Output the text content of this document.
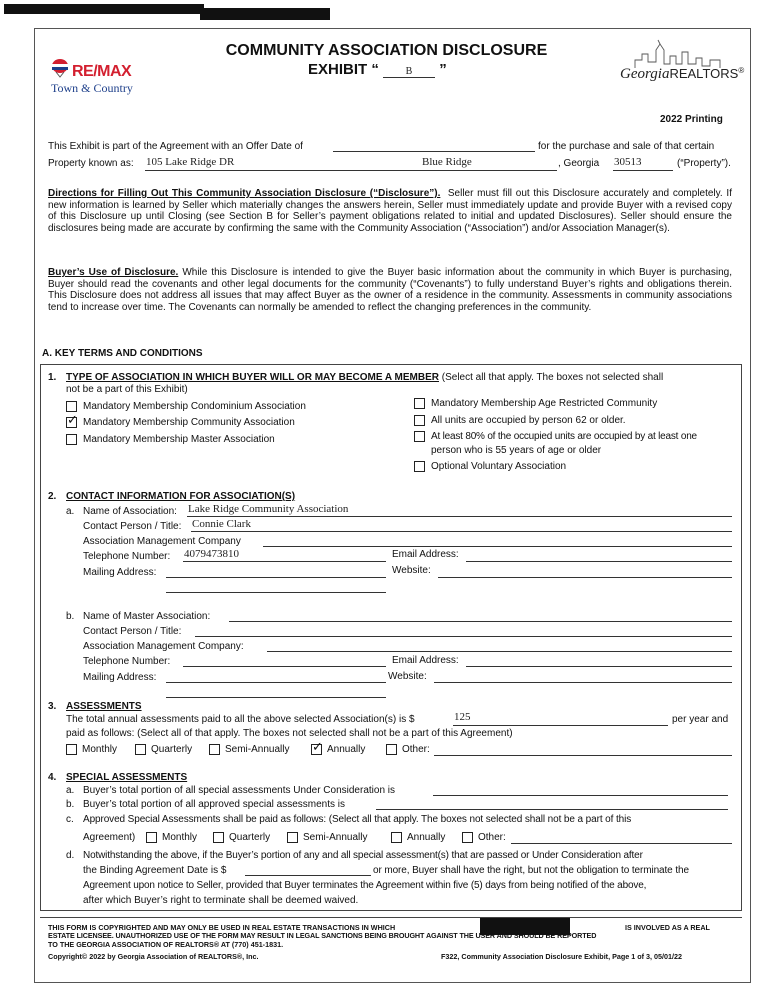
RE/MAX
Town & Country
COMMUNITY ASSOCIATION DISCLOSURE
EXHIBIT “	B ”	GeorgiaREALTORS®
2022 Printing
This Exhibit is part of the Agreement with an Offer Date of	for the purchase and sale of that certain
Property known as: 105 Lake Ridge DR	Blue Ridge	, Georgia 30513	(“Property”).
Directions for Filling Out This Community Association Disclosure (“Disclosure”). Seller must fill out this Disclosure accurately and completely. If new information is learned by Seller which materially changes the answers herein, Seller must immediately update and provide Buyer with a revised copy of this Disclosure up until Closing (see Section B for Seller’s payment obligations related to initial and updated Disclosures). Seller should ensure the disclosures being made are accurate by confirming the same with the Community Association (“Association”) and/or Association Manager(s).
Buyer’s Use of Disclosure. While this Disclosure is intended to give the Buyer basic information about the community in which Buyer is purchasing, Buyer should read the covenants and other legal documents for the community (“Covenants”) to fully understand Buyer’s rights and obligations therein. This Disclosure does not address all issues that may affect Buyer as the owner of a residence in the community. Assessments in community associations tend to increase over time. The Covenants can normally be amended to reflect the changing preferences in the community.
A. KEY TERMS AND CONDITIONS
1. TYPE OF ASSOCIATION IN WHICH BUYER WILL OR MAY BECOME A MEMBER (Select all that apply. The boxes not selected shall
not be a part of this Exhibit)
Mandatory Membership Condominium Association
✓
Mandatory Membership Community Association
Mandatory Membership Master Association
Mandatory Membership Age Restricted Community
All units are occupied by person 62 or older.
At least 80% of the occupied units are occupied by at least one
person who is 55 years of age or older
Optional Voluntary Association
2. CONTACT INFORMATION FOR ASSOCIATION(S)
a. Name of Association: Lake Ridge Community Association
Contact Person / Title: Connie Clark
Association Management Company
Telephone Number: 4079473810	Email Address:
Mailing Address:	Website:
b. Name of Master Association:
Contact Person / Title:
Association Management Company:
Telephone Number:	Email Address:
Mailing Address:	Website:
3. ASSESSMENTS
The total annual assessments paid to all the above selected Association(s) is $	125	per year and
paid as follows: (Select all of that apply. The boxes not selected shall not be a part of this Agreement)
Monthly	Quarterly	Semi-Annually
✓	Annually	Other:
4. SPECIAL ASSESSMENTS
a. Buyer’s total portion of all special assessments Under Consideration is
b. Buyer’s total portion of all approved special assessments is
c. Approved Special Assessments shall be paid as follows: (Select all that apply. The boxes not selected shall not be a part of this
Agreement)	Monthly	Quarterly	Semi-Annually	Annually	Other:
d. Notwithstanding the above, if the Buyer’s portion of any and all special assessment(s) that are passed or Under Consideration after
the Binding Agreement Date is $	or more, Buyer shall have the right, but not the obligation to terminate the
Agreement upon notice to Seller, provided that Buyer terminates the Agreement within five (5) days from being notified of the above,
after which Buyer’s right to terminate shall be deemed waived.
THIS FORM IS COPYRIGHTED AND MAY ONLY BE USED IN REAL ESTATE TRANSACTIONS IN WHICH	IS INVOLVED AS A REAL
ESTATE LICENSEE. UNAUTHORIZED USE OF THE FORM MAY RESULT IN LEGAL SANCTIONS BEING BROUGHT AGAINST THE USER AND SHOULD BE REPORTED
TO THE GEORGIA ASSOCIATION OF REALTORS® AT (770) 451-1831.
Copyright© 2022 by Georgia Association of REALTORS®, Inc.	F322, Community Association Disclosure Exhibit, Page 1 of 3, 05/01/22
